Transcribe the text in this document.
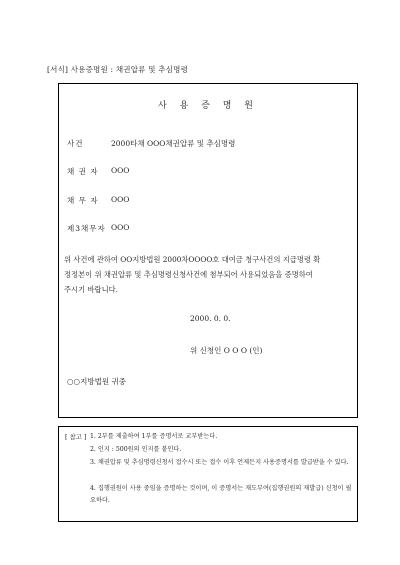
[서식] 사용증명원 : 채권압류 및 추심명령
사 용 증 명 원
사건	2000타채 OOO채권압류 및 추심명령
채 권 자 OOO
채 무 자 OOO
제3채무자 OOO
위 사건에 관하여 OO지방법원 2000차OOOO호 대여금 청구사건의 지급명령 확
정정본이 위 채권압류 및 추심명령신청사건에 첨부되어 사용되었음을 증명하여
주시기 바랍니다.
2000. 0. 0.
위 신청인 O O O (인)
○○지방법원 귀중
[ 참고 ] 1. 2부를 제출하여 1부를 증명서로 교부받는다.
2. 인지 : 500원의 인지를 붙인다.
3. 채권압류 및 추심명령신청서 접수시 또는 접수 이후 언제든지 사용증명서를 발급받을 수 있다.
4. 집행권원이 사용 중임을 증명하는 것이며, 이 증명서는 재도부여(집행권원의 재발급) 신청이 필요하다.
